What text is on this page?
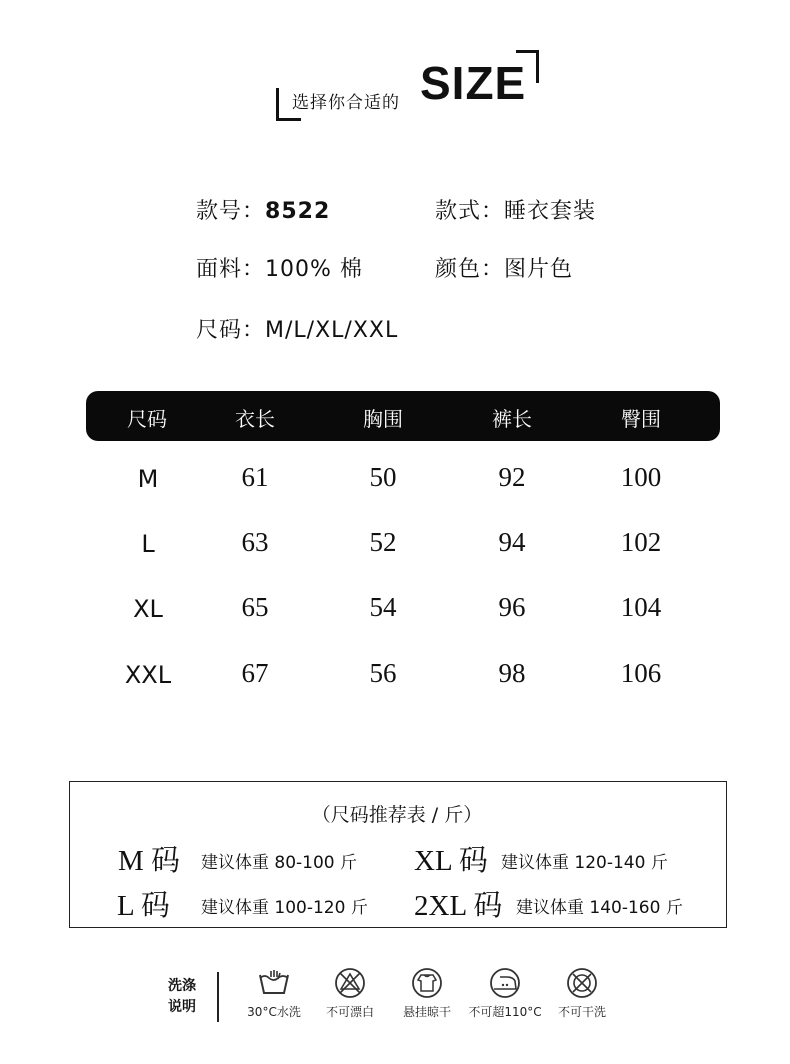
选择你合适的 SIZE
款号：8522	款式：睡衣套装
面料：100% 棉	颜色：图片色
尺码：M/L/XL/XXL
尺码	衣长	胸围	裤长	臀围
M	61	50	92	100
L	63	52	94	102
XL	65	54	96	104
XXL	67	56	98	106
（尺码推荐表 / 斤）
M 码 建议体重 80-100 斤 XL 码 建议体重 120-140 斤
L 码 建议体重 100-120 斤 2XL 码 建议体重 140-160 斤
洗涤
说明	30°C水洗	不可漂白	悬挂晾干	不可超110°C	不可干洗
